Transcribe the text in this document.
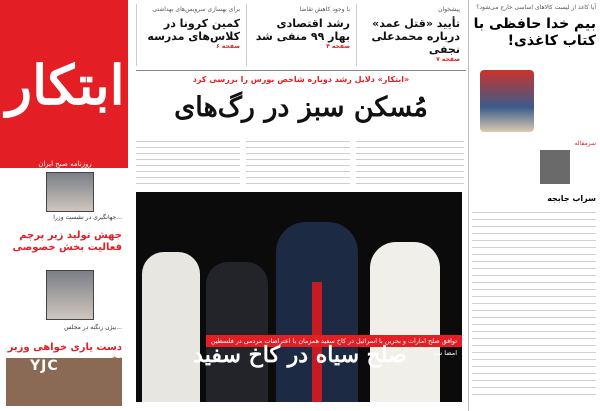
ابتکار
روزنامه صبح ایران
جهانگیری در نشست وزرا...
جهش تولید زیر پرچم فعالیت بخش خصوصی
بیژن زنگنه در مجلس...
دست یاری خواهی وزیر
YJC
پیشخوان
تأیید «قتل عمد» درباره محمدعلی نجفی
صفحه ۷
با وجود کاهش تقاضا
رشد اقتصادی بهار ۹۹ منفی شد
صفحه ۴
برای بهسازی سرویس‌های بهداشتی
کمین کرونا در کلاس‌های مدرسه
صفحه ۶
«ابتکار» دلایل رشد دوباره شاخص بورس را بررسی کرد
مُسکن سبز در رگ‌های
توافق صلح امارات و بحرین با اسرائیل در کاخ سفید همزمان با اعتراضات مردمی در فلسطین امضا شد
صلح سیاه در کاخ سفید
آیا کاغذ از لیست کالاهای اساسی خارج می‌شود؟
بیم خدا حافظی با کتاب کاغذی!
سرمقاله
سراب جابجه
